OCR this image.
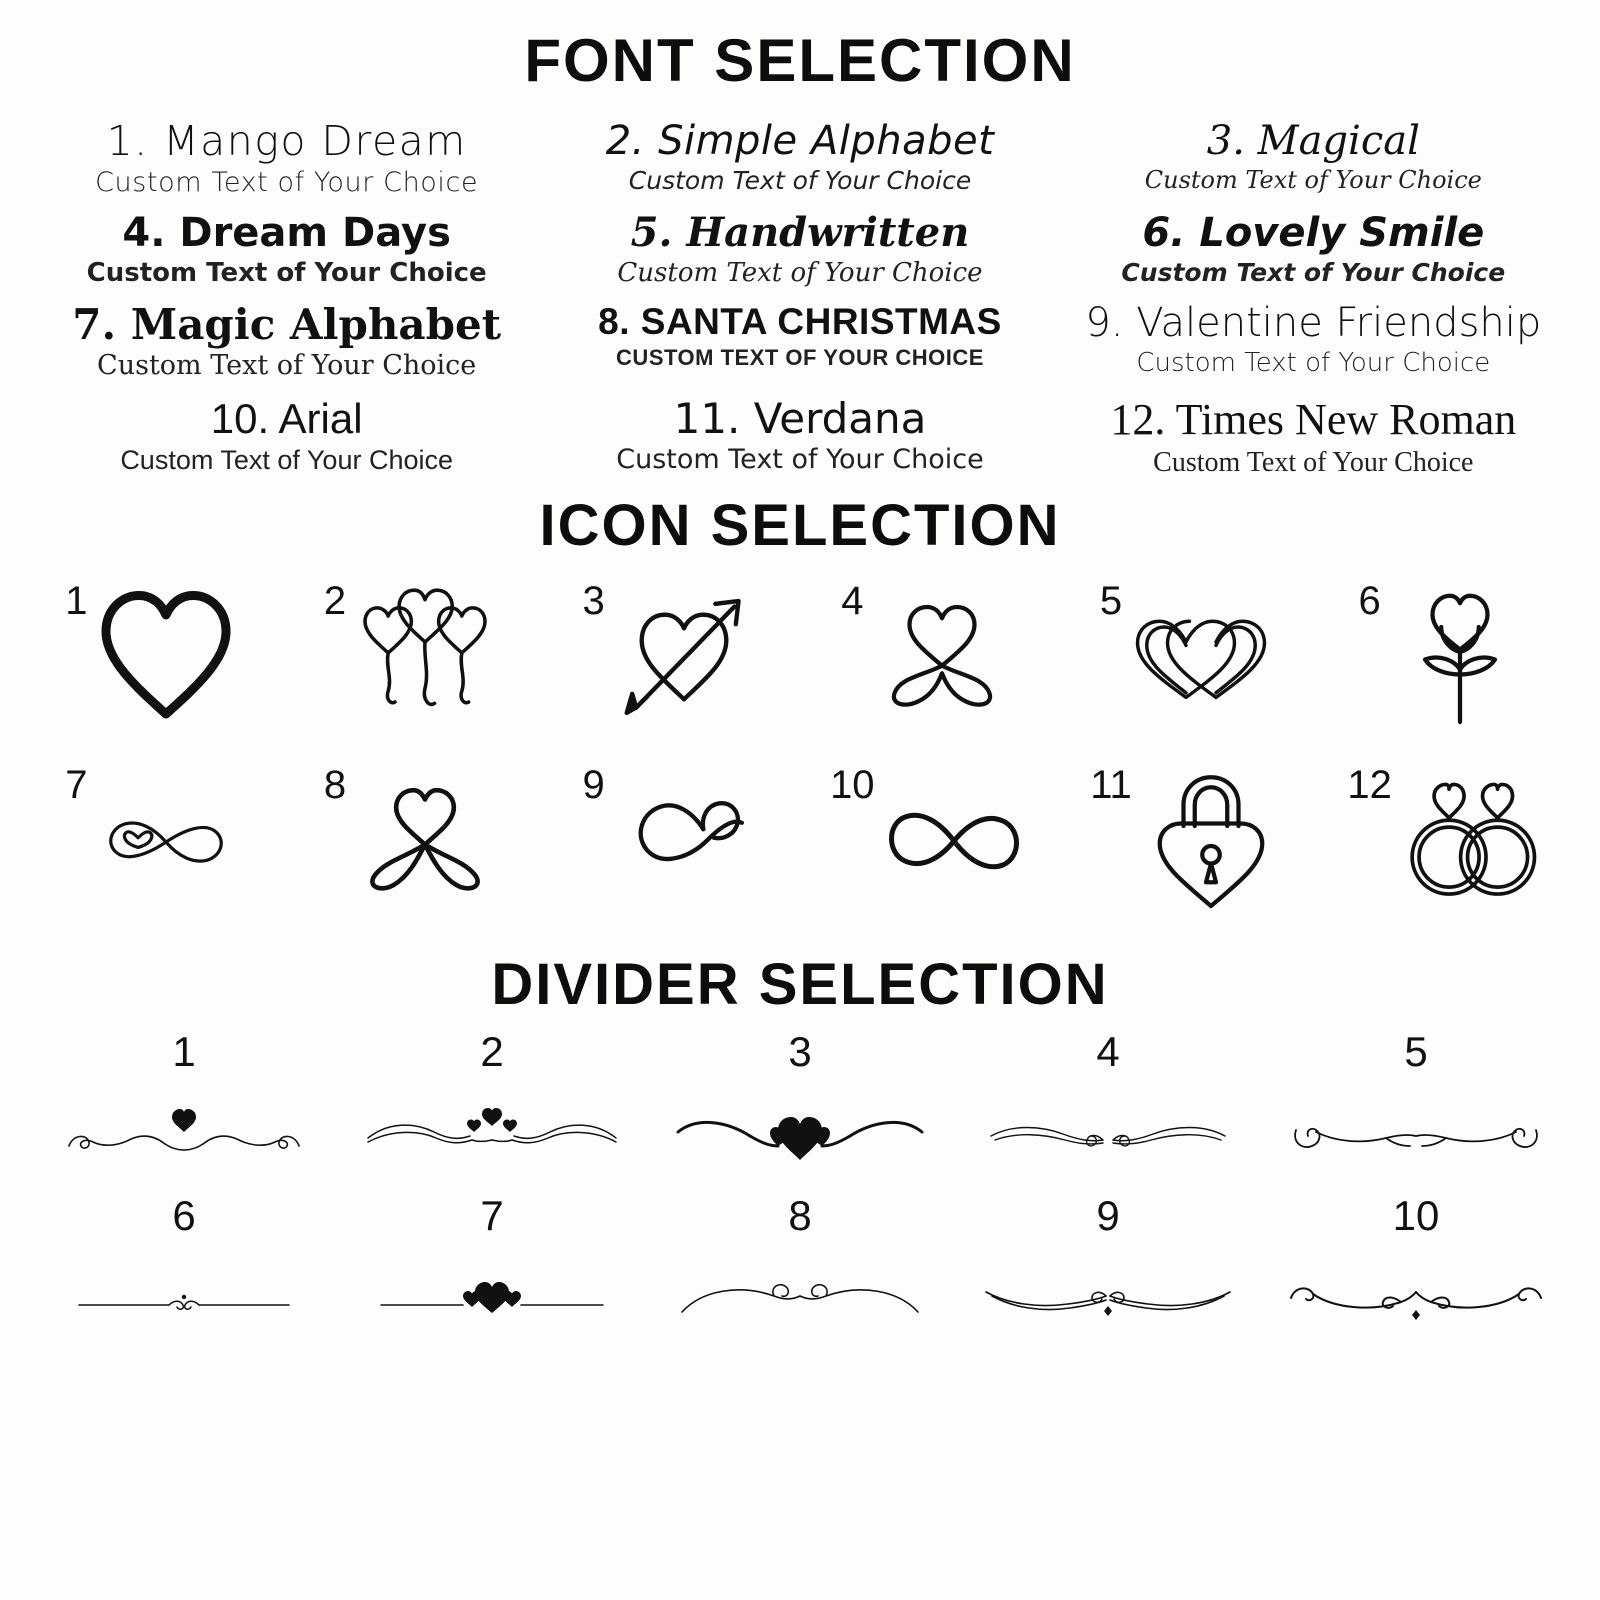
FONT SELECTION
1. Mango Dream
Custom Text of Your Choice
2. Simple Alphabet
Custom Text of Your Choice
3. Magical
Custom Text of Your Choice
4. Dream Days
Custom Text of Your Choice
5. Handwritten
Custom Text of Your Choice
6. Lovely Smile
Custom Text of Your Choice
7. Magic Alphabet
Custom Text of Your Choice
8. SANTA CHRISTMAS
CUSTOM TEXT OF YOUR CHOICE
9. Valentine Friendship
Custom Text of Your Choice
10. Arial
Custom Text of Your Choice
11. Verdana
Custom Text of Your Choice
12. Times New Roman
Custom Text of Your Choice
ICON SELECTION
1	2	3	4	5	6
7	8	9	10	11	12
DIVIDER SELECTION
1	2	3	4	5
6	7	8	9	10
